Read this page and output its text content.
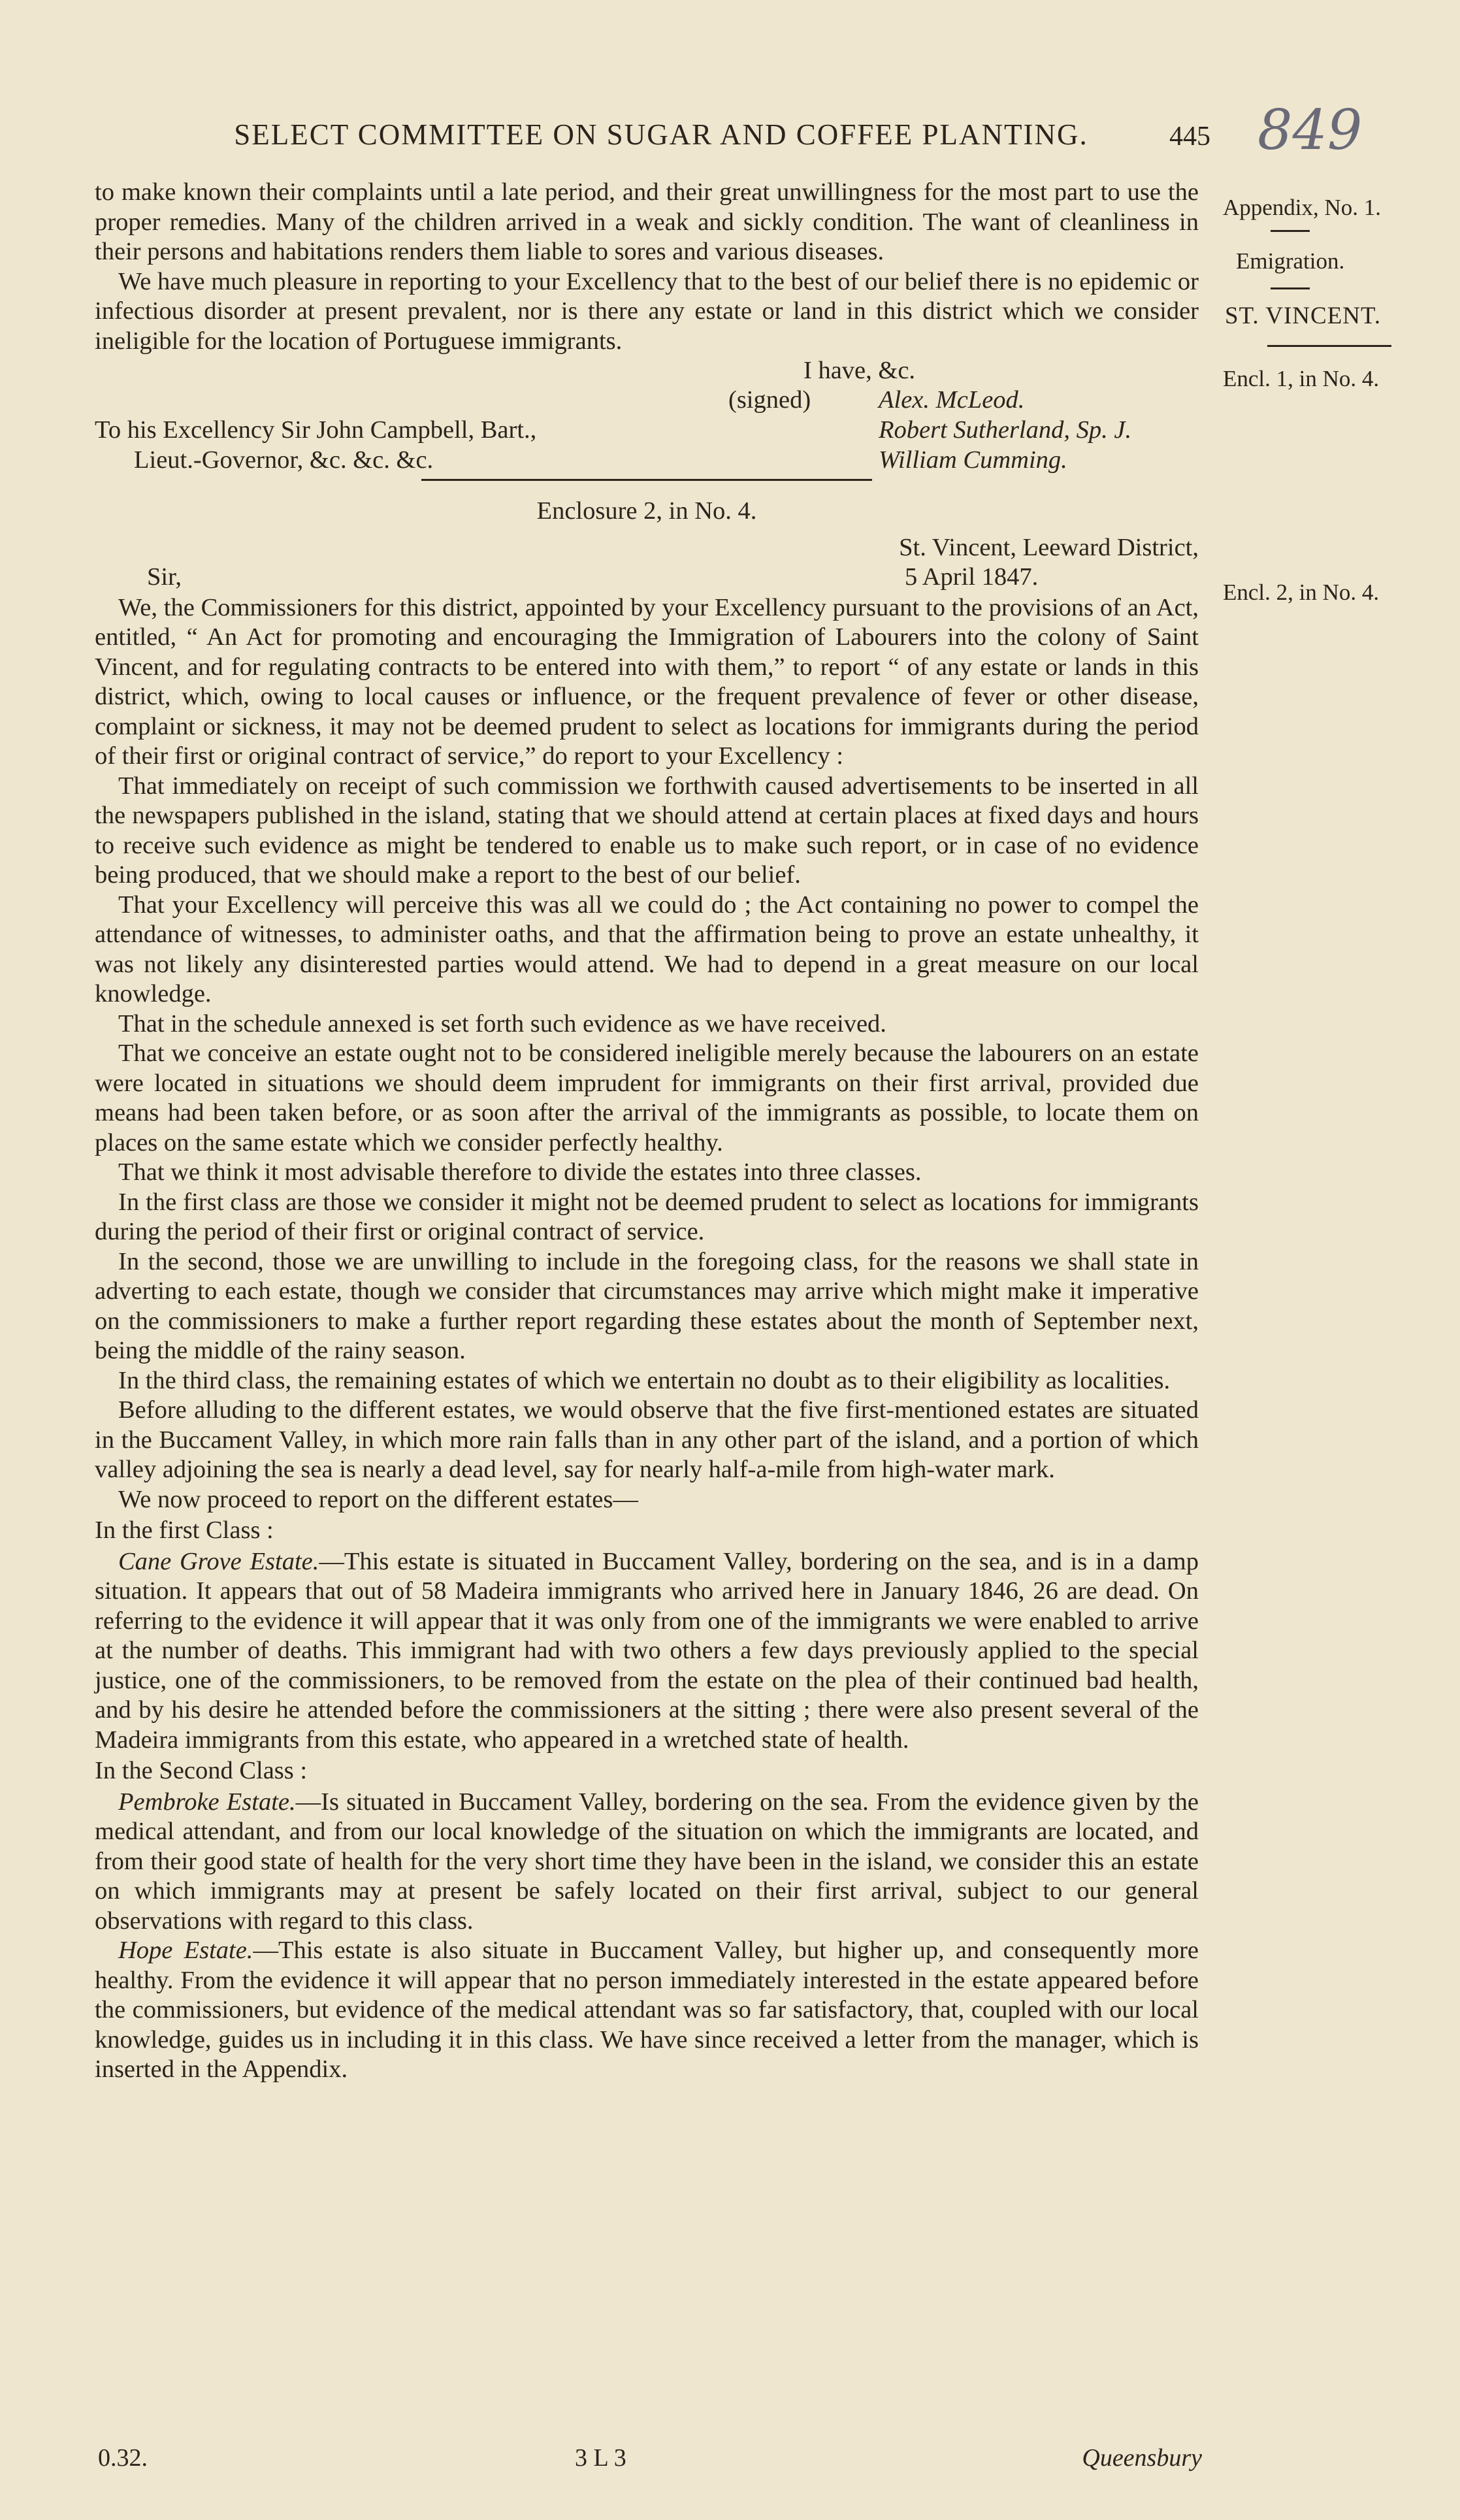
SELECT COMMITTEE ON SUGAR AND COFFEE PLANTING.	445 849
Appendix, No. 1.
Emigration.
ST. VINCENT.
Encl. 1, in No. 4.
Encl. 2, in No. 4.

to make known their complaints until a late period, and their great unwillingness for the most part to use the proper remedies. Many of the children arrived in a weak and sickly condition. The want of cleanliness in their persons and habitations renders them liable to sores and various diseases.

We have much pleasure in reporting to your Excellency that to the best of our belief there is no epidemic or infectious disorder at present prevalent, nor is there any estate or land in this district which we consider ineligible for the location of Portuguese immigrants.

I have, &c.
(signed)	Alex. McLeod.
To his Excellency Sir John Campbell, Bart.,	Robert Sutherland, Sp. J.
Lieut.-Governor, &c. &c. &c.	William Cumming.
Enclosure 2, in No. 4.
St. Vincent, Leeward District,
Sir,	5 April 1847.

We, the Commissioners for this district, appointed by your Excellency pursuant to the provisions of an Act, entitled, “ An Act for promoting and encouraging the Immigration of Labourers into the colony of Saint Vincent, and for regulating contracts to be entered into with them,” to report “ of any estate or lands in this district, which, owing to local causes or influence, or the frequent prevalence of fever or other disease, complaint or sickness, it may not be deemed prudent to select as locations for immigrants during the period of their first or original contract of service,” do report to your Excellency :

That immediately on receipt of such commission we forthwith caused advertisements to be inserted in all the newspapers published in the island, stating that we should attend at certain places at fixed days and hours to receive such evidence as might be tendered to enable us to make such report, or in case of no evidence being produced, that we should make a report to the best of our belief.

That your Excellency will perceive this was all we could do ; the Act containing no power to compel the attendance of witnesses, to administer oaths, and that the affirmation being to prove an estate unhealthy, it was not likely any disinterested parties would attend. We had to depend in a great measure on our local knowledge.

That in the schedule annexed is set forth such evidence as we have received.

That we conceive an estate ought not to be considered ineligible merely because the labourers on an estate were located in situations we should deem imprudent for immigrants on their first arrival, provided due means had been taken before, or as soon after the arrival of the immigrants as possible, to locate them on places on the same estate which we consider perfectly healthy.

That we think it most advisable therefore to divide the estates into three classes.

In the first class are those we consider it might not be deemed prudent to select as locations for immigrants during the period of their first or original contract of service.

In the second, those we are unwilling to include in the foregoing class, for the reasons we shall state in adverting to each estate, though we consider that circumstances may arrive which might make it imperative on the commissioners to make a further report regarding these estates about the month of September next, being the middle of the rainy season.

In the third class, the remaining estates of which we entertain no doubt as to their eligibility as localities.

Before alluding to the different estates, we would observe that the five first-mentioned estates are situated in the Buccament Valley, in which more rain falls than in any other part of the island, and a portion of which valley adjoining the sea is nearly a dead level, say for nearly half-a-mile from high-water mark.

We now proceed to report on the different estates—

In the first Class :

Cane Grove Estate.—This estate is situated in Buccament Valley, bordering on the sea, and is in a damp situation. It appears that out of 58 Madeira immigrants who arrived here in January 1846, 26 are dead. On referring to the evidence it will appear that it was only from one of the immigrants we were enabled to arrive at the number of deaths. This immigrant had with two others a few days previously applied to the special justice, one of the commissioners, to be removed from the estate on the plea of their continued bad health, and by his desire he attended before the commissioners at the sitting ; there were also present several of the Madeira immigrants from this estate, who appeared in a wretched state of health.

In the Second Class :

Pembroke Estate.—Is situated in Buccament Valley, bordering on the sea. From the evidence given by the medical attendant, and from our local knowledge of the situation on which the immigrants are located, and from their good state of health for the very short time they have been in the island, we consider this an estate on which immigrants may at present be safely located on their first arrival, subject to our general observations with regard to this class.

Hope Estate.—This estate is also situate in Buccament Valley, but higher up, and consequently more healthy. From the evidence it will appear that no person immediately interested in the estate appeared before the commissioners, but evidence of the medical attendant was so far satisfactory, that, coupled with our local knowledge, guides us in including it in this class. We have since received a letter from the manager, which is inserted in the Appendix.

0.32.	3 L 3	Queensbury
